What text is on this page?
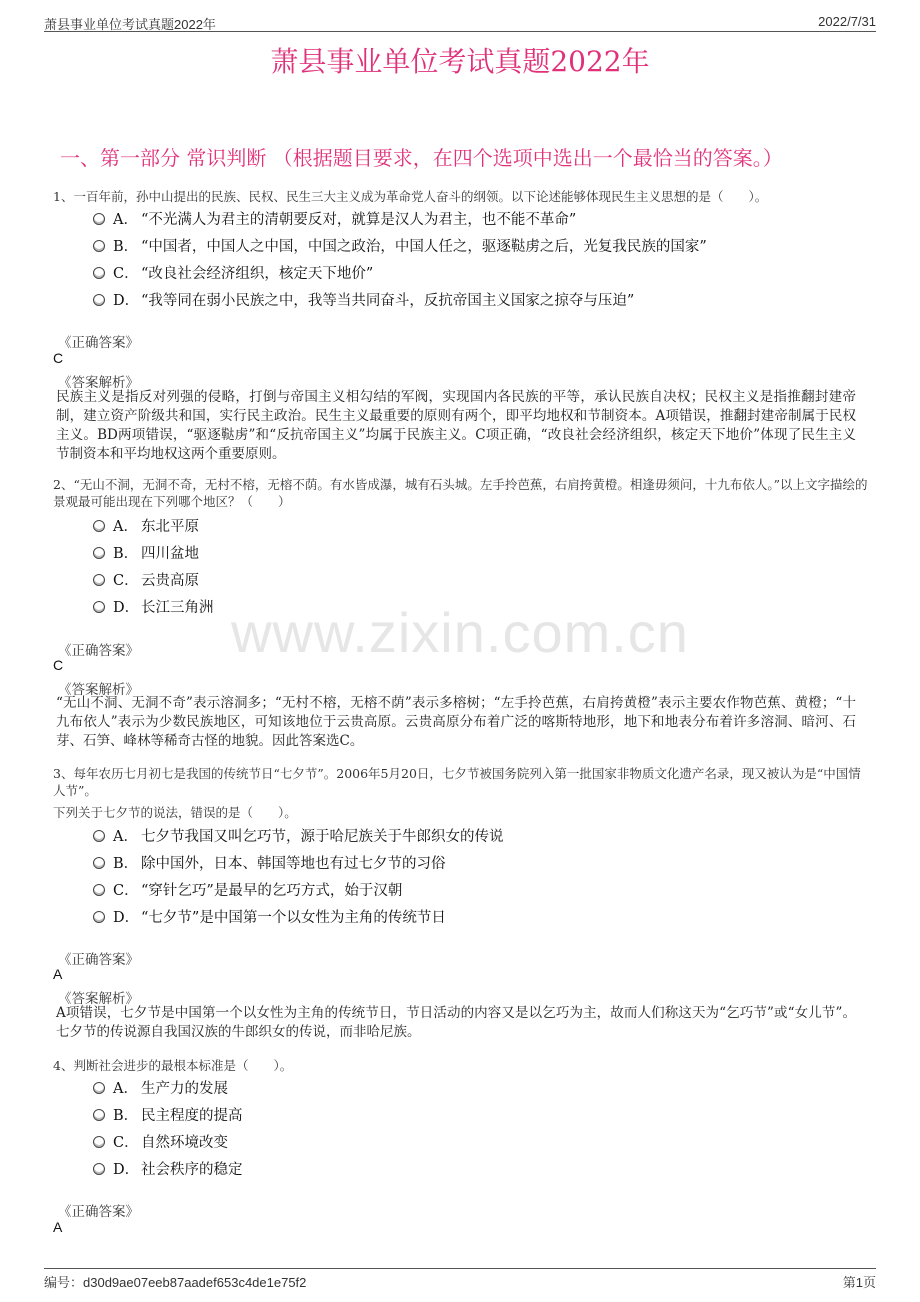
萧县事业单位考试真题2022年	2022/7/31
萧县事业单位考试真题2022年
一、第一部分 常识判断 （根据题目要求，在四个选项中选出一个最恰当的答案。）
www.zixin.com.cn
1、一百年前，孙中山提出的民族、民权、民生三大主义成为革命党人奋斗的纲领。以下论述能够体现民生主义思想的是（　　）。
A． “不光满人为君主的清朝要反对，就算是汉人为君主，也不能不革命”
B． “中国者，中国人之中国，中国之政治，中国人任之，驱逐鞑虏之后，光复我民族的国家”
C． “改良社会经济组织，核定天下地价”
D． “我等同在弱小民族之中，我等当共同奋斗，反抗帝国主义国家之掠夺与压迫”
《正确答案》
C
《答案解析》
民族主义是指反对列强的侵略，打倒与帝国主义相勾结的军阀，实现国内各民族的平等，承认民族自决权；民权主义是指推翻封建帝制，建立资产阶级共和国，实行民主政治。民生主义最重要的原则有两个，即平均地权和节制资本。A项错误，推翻封建帝制属于民权主义。BD两项错误，“驱逐鞑虏”和“反抗帝国主义”均属于民族主义。C项正确，“改良社会经济组织，核定天下地价”体现了民生主义节制资本和平均地权这两个重要原则。
2、“无山不洞，无洞不奇，无村不榕，无榕不荫。有水皆成瀑，城有石头城。左手拎芭蕉，右肩挎黄橙。相逢毋须问，十九布依人。”以上文字描绘的景观最可能出现在下列哪个地区？（　　）
A． 东北平原
B． 四川盆地
C． 云贵高原
D． 长江三角洲
《正确答案》
C
《答案解析》
“无山不洞、无洞不奇”表示溶洞多；“无村不榕，无榕不荫”表示多榕树；“左手拎芭蕉，右肩挎黄橙”表示主要农作物芭蕉、黄橙；“十九布依人”表示为少数民族地区，可知该地位于云贵高原。云贵高原分布着广泛的喀斯特地形，地下和地表分布着许多溶洞、暗河、石芽、石笋、峰林等稀奇古怪的地貌。因此答案选C。
3、每年农历七月初七是我国的传统节日“七夕节”。2006年5月20日，七夕节被国务院列入第一批国家非物质文化遗产名录，现又被认为是“中国情人节”。
下列关于七夕节的说法，错误的是（　　）。
A． 七夕节我国又叫乞巧节，源于哈尼族关于牛郎织女的传说
B． 除中国外，日本、韩国等地也有过七夕节的习俗
C． “穿针乞巧”是最早的乞巧方式，始于汉朝
D． “七夕节”是中国第一个以女性为主角的传统节日
《正确答案》
A
《答案解析》
A项错误，七夕节是中国第一个以女性为主角的传统节日，节日活动的内容又是以乞巧为主，故而人们称这天为“乞巧节”或“女儿节”。七夕节的传说源自我国汉族的牛郎织女的传说，而非哈尼族。
4、判断社会进步的最根本标准是（　　）。
A． 生产力的发展
B． 民主程度的提高
C． 自然环境改变
D． 社会秩序的稳定
《正确答案》
A
编号：d30d9ae07eeb87aadef653c4de1e75f2	第1页
